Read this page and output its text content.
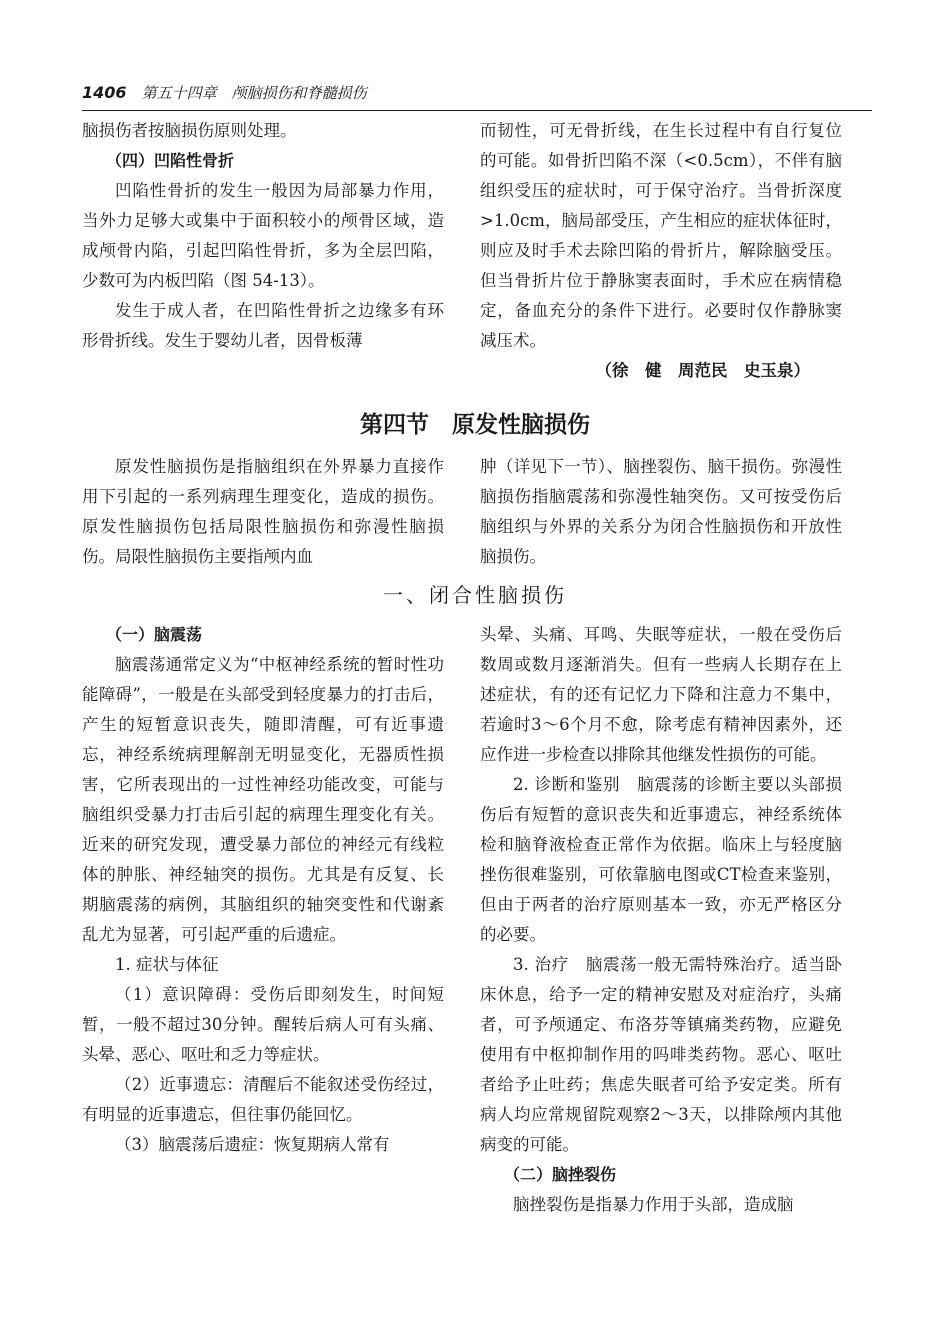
1406 第五十四章　颅脑损伤和脊髓损伤

脑损伤者按脑损伤原则处理。

（四）凹陷性骨折

凹陷性骨折的发生一般因为局部暴力作用，当外力足够大或集中于面积较小的颅骨区域，造成颅骨内陷，引起凹陷性骨折，多为全层凹陷，少数可为内板凹陷（图 54-13）。

发生于成人者，在凹陷性骨折之边缘多有环形骨折线。发生于婴幼儿者，因骨板薄

而韧性，可无骨折线，在生长过程中有自行复位的可能。如骨折凹陷不深（<0.5cm），不伴有脑组织受压的症状时，可于保守治疗。当骨折深度>1.0cm，脑局部受压，产生相应的症状体征时，则应及时手术去除凹陷的骨折片，解除脑受压。但当骨折片位于静脉窦表面时，手术应在病情稳定，备血充分的条件下进行。必要时仅作静脉窦减压术。

（徐　健　周范民　史玉泉）

第四节　原发性脑损伤

原发性脑损伤是指脑组织在外界暴力直接作用下引起的一系列病理生理变化，造成的损伤。原发性脑损伤包括局限性脑损伤和弥漫性脑损伤。局限性脑损伤主要指颅内血

肿（详见下一节）、脑挫裂伤、脑干损伤。弥漫性脑损伤指脑震荡和弥漫性轴突伤。又可按受伤后脑组织与外界的关系分为闭合性脑损伤和开放性脑损伤。

一、闭合性脑损伤

（一）脑震荡

脑震荡通常定义为“中枢神经系统的暂时性功能障碍”，一般是在头部受到轻度暴力的打击后，产生的短暂意识丧失，随即清醒，可有近事遗忘，神经系统病理解剖无明显变化，无器质性损害，它所表现出的一过性神经功能改变，可能与脑组织受暴力打击后引起的病理生理变化有关。近来的研究发现，遭受暴力部位的神经元有线粒体的肿胀、神经轴突的损伤。尤其是有反复、长期脑震荡的病例，其脑组织的轴突变性和代谢紊乱尤为显著，可引起严重的后遗症。

1. 症状与体征

（1）意识障碍：受伤后即刻发生，时间短暂，一般不超过30分钟。醒转后病人可有头痛、头晕、恶心、呕吐和乏力等症状。

（2）近事遗忘：清醒后不能叙述受伤经过，有明显的近事遗忘，但往事仍能回忆。

（3）脑震荡后遗症：恢复期病人常有

头晕、头痛、耳鸣、失眠等症状，一般在受伤后数周或数月逐渐消失。但有一些病人长期存在上述症状，有的还有记忆力下降和注意力不集中，若逾时3～6个月不愈，除考虑有精神因素外，还应作进一步检查以排除其他继发性损伤的可能。

2. 诊断和鉴别　脑震荡的诊断主要以头部损伤后有短暂的意识丧失和近事遗忘，神经系统体检和脑脊液检查正常作为依据。临床上与轻度脑挫伤很难鉴别，可依靠脑电图或CT检查来鉴别，但由于两者的治疗原则基本一致，亦无严格区分的必要。

3. 治疗　脑震荡一般无需特殊治疗。适当卧床休息，给予一定的精神安慰及对症治疗，头痛者，可予颅通定、布洛芬等镇痛类药物，应避免使用有中枢抑制作用的吗啡类药物。恶心、呕吐者给予止吐药；焦虑失眠者可给予安定类。所有病人均应常规留院观察2～3天，以排除颅内其他病变的可能。

（二）脑挫裂伤

脑挫裂伤是指暴力作用于头部，造成脑
